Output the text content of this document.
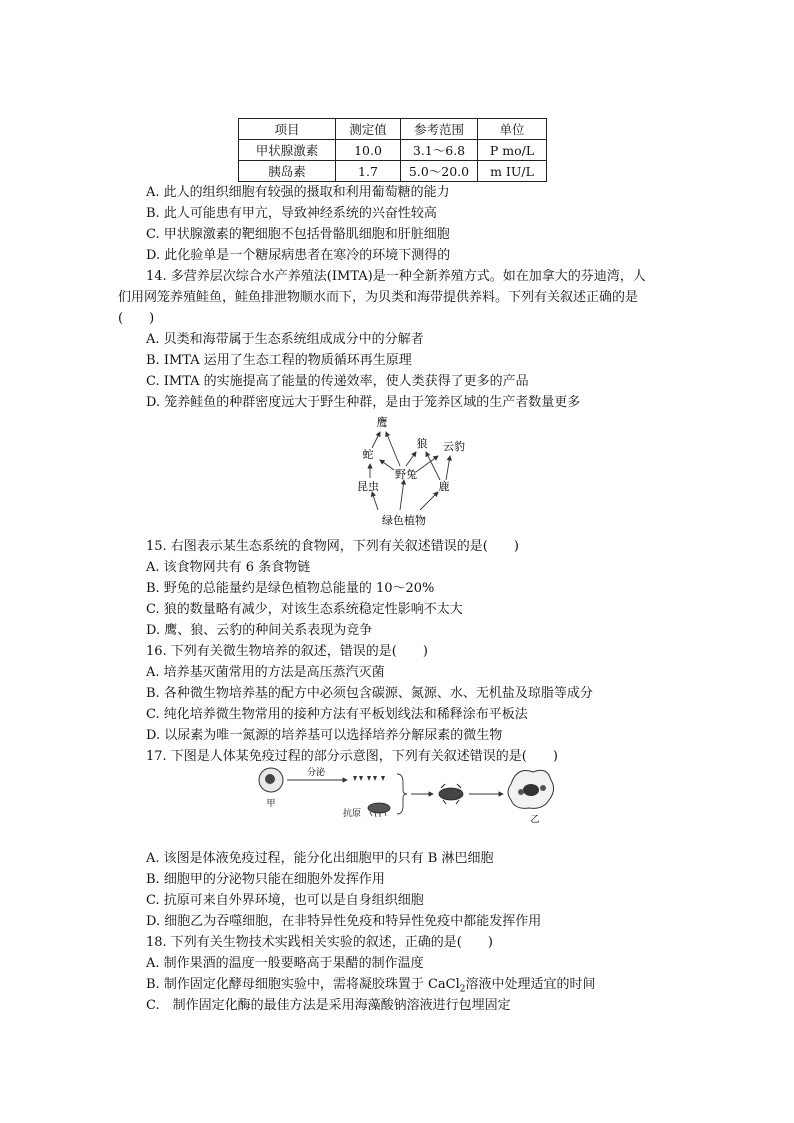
项目	测定值	参考范围	单位
甲状腺激素	10.0	3.1～6.8	P mo/L
胰岛素	1.7	5.0～20.0	m IU/L
A. 此人的组织细胞有较强的摄取和利用葡萄糖的能力
B. 此人可能患有甲亢，导致神经系统的兴奋性较高
C. 甲状腺激素的靶细胞不包括骨骼肌细胞和肝脏细胞
D. 此化验单是一个糖尿病患者在寒冷的环境下测得的
14. 多营养层次综合水产养殖法(IMTA)是一种全新养殖方式。如在加拿大的芬迪湾，人
们用网笼养殖鲑鱼，鲑鱼排泄物顺水而下，为贝类和海带提供养料。下列有关叙述正确的是
(　　)
A. 贝类和海带属于生态系统组成成分中的分解者
B. IMTA 运用了生态工程的物质循环再生原理
C. IMTA 的实施提高了能量的传递效率，使人类获得了更多的产品
D. 笼养鲑鱼的种群密度远大于野生种群，是由于笼养区域的生产者数量更多
鹰
蛇
狼 云豹
野兔
昆虫	鹿
绿色植物
15. 右图表示某生态系统的食物网，下列有关叙述错误的是(　　)
A. 该食物网共有 6 条食物链
B. 野兔的总能量约是绿色植物总能量的 10～20%
C. 狼的数量略有减少，对该生态系统稳定性影响不太大
D. 鹰、狼、云豹的种间关系表现为竞争
16. 下列有关微生物培养的叙述，错误的是(　　)
A. 培养基灭菌常用的方法是高压蒸汽灭菌
B. 各种微生物培养基的配方中必须包含碳源、氮源、水、无机盐及琼脂等成分
C. 纯化培养微生物常用的接种方法有平板划线法和稀释涂布平板法
D. 以尿素为唯一氮源的培养基可以选择培养分解尿素的微生物
17. 下图是人体某免疫过程的部分示意图，下列有关叙述错误的是(　　)
甲
分泌
抗原
乙
A. 该图是体液免疫过程，能分化出细胞甲的只有 B 淋巴细胞
B. 细胞甲的分泌物只能在细胞外发挥作用
C. 抗原可来自外界环境，也可以是自身组织细胞
D. 细胞乙为吞噬细胞，在非特异性免疫和特异性免疫中都能发挥作用
18. 下列有关生物技术实践相关实验的叙述，正确的是(　　)
A. 制作果酒的温度一般要略高于果醋的制作温度
B. 制作固定化酵母细胞实验中，需将凝胶珠置于 CaCl$_2$溶液中处理适宜的时间
C.　制作固定化酶的最佳方法是采用海藻酸钠溶液进行包埋固定
